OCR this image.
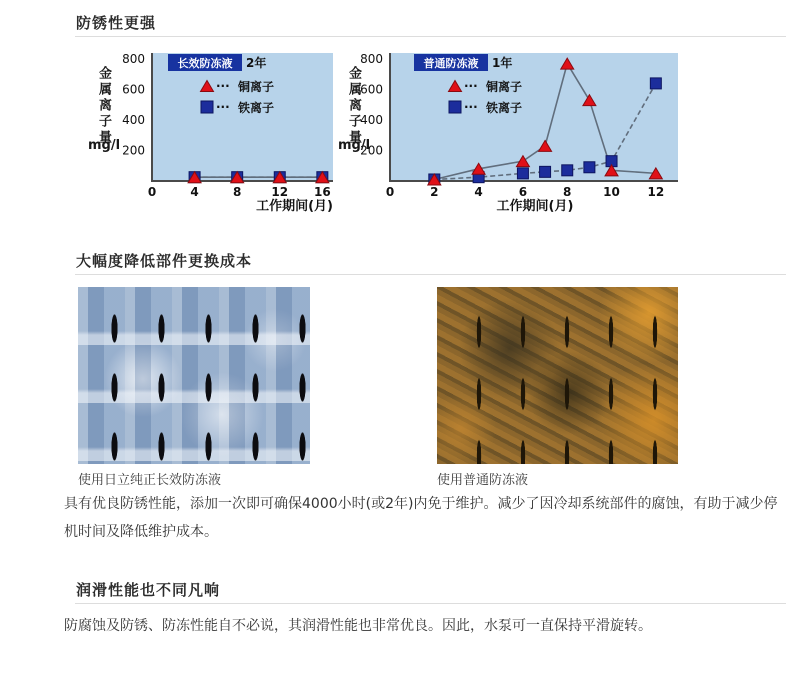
防锈性更强
金属离子量
mg/l 200
400
600
800
0	4	8	12 16
长效防冻液 2年
··· 铜离子
··· 铁离子
工作期间(月)
金属离子量
mg/l
200
400
600
800
0	2	4	6	8	10 12
普通防冻液 1年
··· 铜离子
··· 铁离子
工作期间(月)
大幅度降低部件更换成本
使用日立纯正长效防冻液	使用普通防冻液

具有优良防锈性能，添加一次即可确保4000小时(或2年)内免于维护。减少了因冷却系统部件的腐蚀，有助于减少停机时间及降低维护成本。

润滑性能也不同凡响

防腐蚀及防锈、防冻性能自不必说，其润滑性能也非常优良。因此，水泵可一直保持平滑旋转。
